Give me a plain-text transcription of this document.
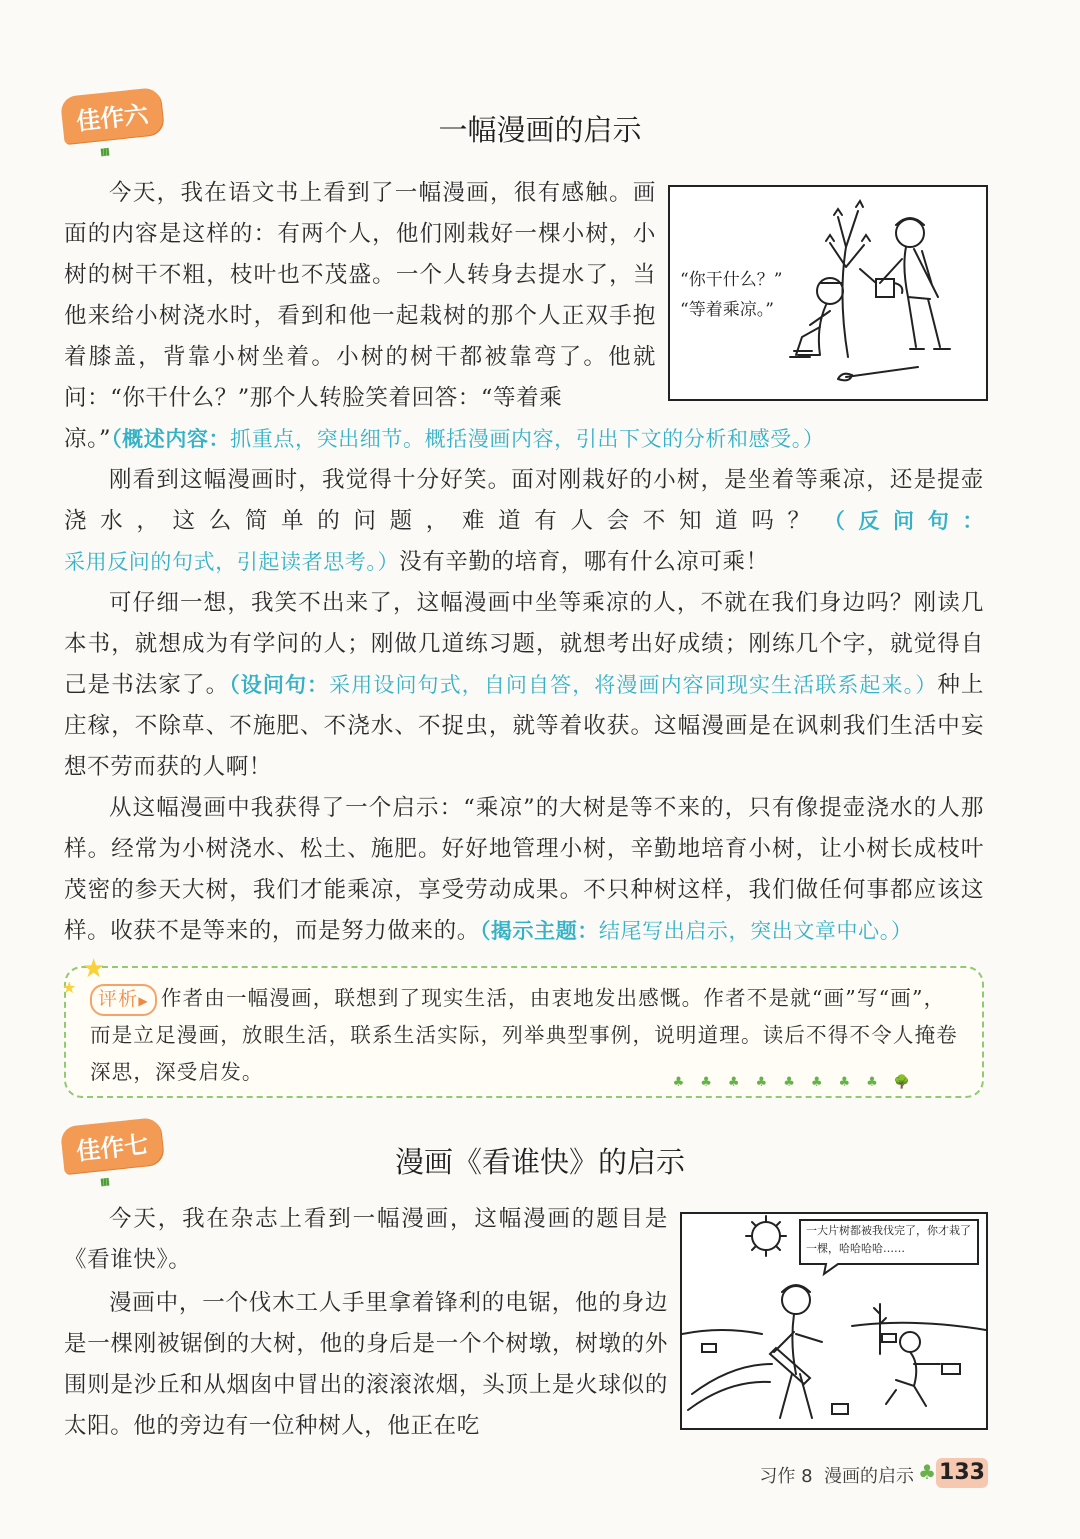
佳作六
ııı
一幅漫画的启示
“你干什么？”
“等着乘凉。”

今天，我在语文书上看到了一幅漫画，很有感触。画面的内容是这样的：有两个人，他们刚栽好一棵小树，小树的树干不粗，枝叶也不茂盛。一个人转身去提水了，当他来给小树浇水时，看到和他一起栽树的那个人正双手抱着膝盖，背靠小树坐着。小树的树干都被靠弯了。他就问：“你干什么？”那个人转脸笑着回答：“等着乘

凉。”（概述内容：抓重点，突出细节。概括漫画内容，引出下文的分析和感受。）

刚看到这幅漫画时，我觉得十分好笑。面对刚栽好的小树，是坐着等乘凉，还是提壶浇水，这么简单的问题，难道有人会不知道吗？（反问句：采用反问的句式，引起读者思考。）没有辛勤的培育，哪有什么凉可乘！

可仔细一想，我笑不出来了，这幅漫画中坐等乘凉的人，不就在我们身边吗？刚读几本书，就想成为有学问的人；刚做几道练习题，就想考出好成绩；刚练几个字，就觉得自己是书法家了。（设问句：采用设问句式，自问自答，将漫画内容同现实生活联系起来。）种上庄稼，不除草、不施肥、不浇水、不捉虫，就等着收获。这幅漫画是在讽刺我们生活中妄想不劳而获的人啊！

从这幅漫画中我获得了一个启示：“乘凉”的大树是等不来的，只有像提壶浇水的人那样。经常为小树浇水、松土、施肥。好好地管理小树，辛勤地培育小树，让小树长成枝叶茂密的参天大树，我们才能乘凉，享受劳动成果。不只种树这样，我们做任何事都应该这样。收获不是等来的，而是努力做来的。（揭示主题：结尾写出启示，突出文章中心。）

评析▶ 作者由一幅漫画，联想到了现实生活，由衷地发出感慨。作者不是就“画”写“画”，而是立足漫画，放眼生活，联系生活实际，列举典型事例，说明道理。读后不得不令人掩卷深思，深受启发。	♣♣♣♣♣♣♣♣🌳
★
★
佳作七
ııı
漫画《看谁快》的启示
一大片树都被我伐完了，你才栽了一棵，哈哈哈哈……

今天，我在杂志上看到一幅漫画，这幅漫画的题目是《看谁快》。

漫画中，一个伐木工人手里拿着锋利的电锯，他的身边是一棵刚被锯倒的大树，他的身后是一个个树墩，树墩的外围则是沙丘和从烟囱中冒出的滚滚浓烟，头顶上是火球似的太阳。他的旁边有一位种树人，他正在吃

习作 8 漫画的启示 ♣ 133
